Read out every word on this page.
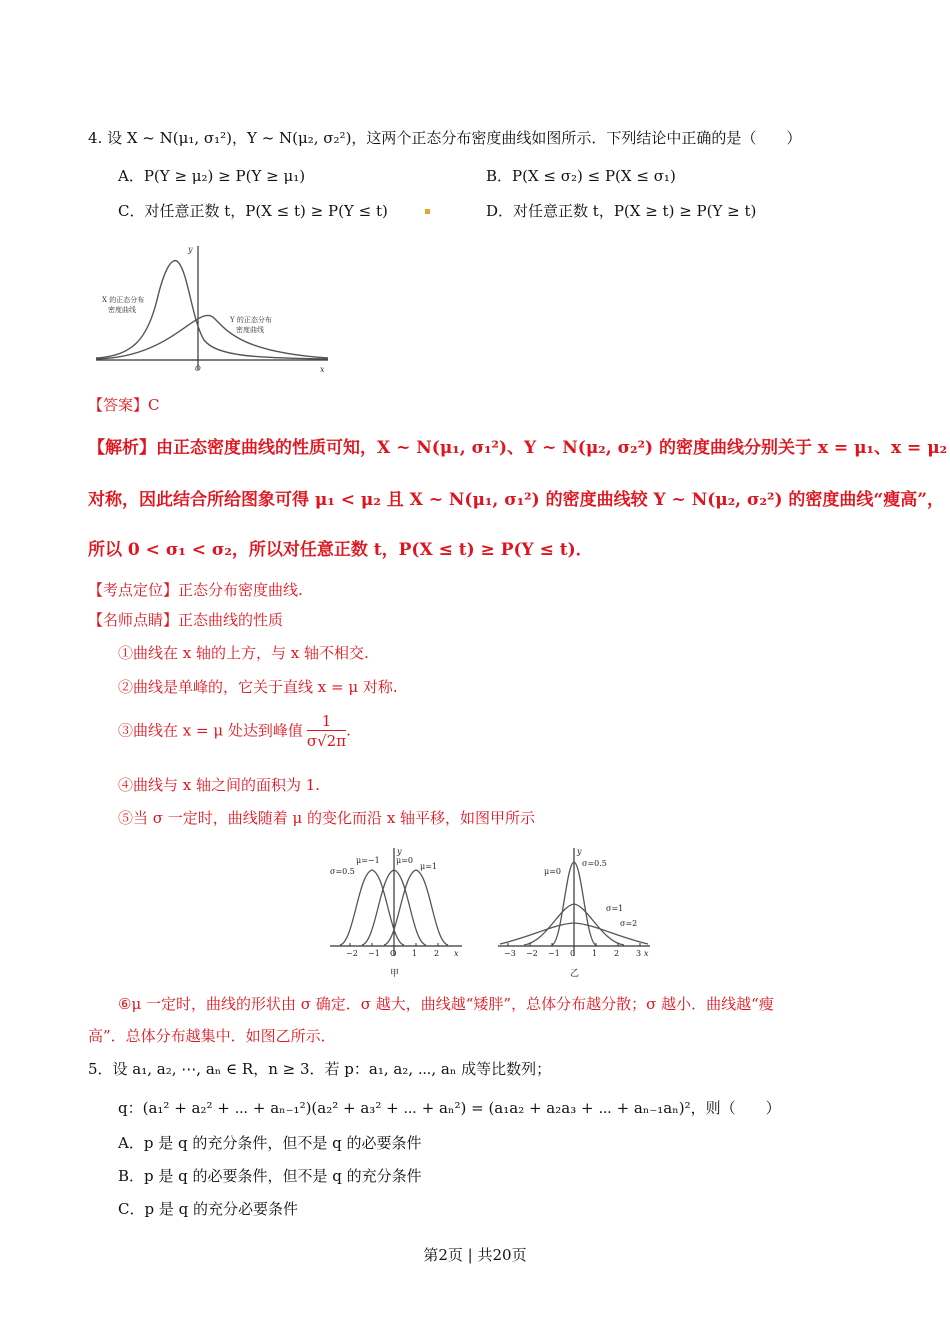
4. 设 X ~ N(μ₁, σ₁²)，Y ~ N(μ₂, σ₂²)，这两个正态分布密度曲线如图所示．下列结论中正确的是（　　）
A．P(Y ≥ μ₂) ≥ P(Y ≥ μ₁)	B．P(X ≤ σ₂) ≤ P(X ≤ σ₁)
C．对任意正数 t，P(X ≤ t) ≥ P(Y ≤ t)	D．对任意正数 t，P(X ≥ t) ≥ P(Y ≥ t)
X 的正态分布
密度曲线
Y 的正态分布
密度曲线
y
x
O
【答案】C
【解析】由正态密度曲线的性质可知，X ~ N(μ₁, σ₁²)、Y ~ N(μ₂, σ₂²) 的密度曲线分别关于 x = μ₁、x = μ₂
对称，因此结合所给图象可得 μ₁ < μ₂ 且 X ~ N(μ₁, σ₁²) 的密度曲线较 Y ~ N(μ₂, σ₂²) 的密度曲线“瘦高”，
所以 0 < σ₁ < σ₂，所以对任意正数 t，P(X ≤ t) ≥ P(Y ≤ t)．
【考点定位】正态分布密度曲线.
【名师点睛】正态曲线的性质
①曲线在 x 轴的上方，与 x 轴不相交.
②曲线是单峰的，它关于直线 x = μ 对称.
③曲线在 x = μ 处达到峰值 $\frac{1}{\sigma√2\pi}$ .
④曲线与 x 轴之间的面积为 1.
⑤当 σ 一定时，曲线随着 μ 的变化而沿 x 轴平移，如图甲所示
σ=0.5
μ=−1 μ=0
μ=1
y
x
−2 −1 O 1 2
甲
μ=0
σ=0.5
σ=1
σ=2
y
x
−3 −2 −1 0 1 2 3
乙
⑥μ 一定时，曲线的形状由 σ 确定．σ 越大，曲线越“矮胖”，总体分布越分散；σ 越小．曲线越“瘦
高”．总体分布越集中．如图乙所示．
5．设 a₁, a₂, ⋯, aₙ ∈ R，n ≥ 3．若 p：a₁, a₂, ⋯, aₙ 成等比数列；
q：(a₁² + a₂² + ⋯ + aₙ₋₁²)(a₂² + a₃² + ⋯ + aₙ²) = (a₁a₂ + a₂a₃ + ⋯ + aₙ₋₁aₙ)²，则（　　）
A．p 是 q 的充分条件，但不是 q 的必要条件
B．p 是 q 的必要条件，但不是 q 的充分条件
C．p 是 q 的充分必要条件
第2页 | 共20页
